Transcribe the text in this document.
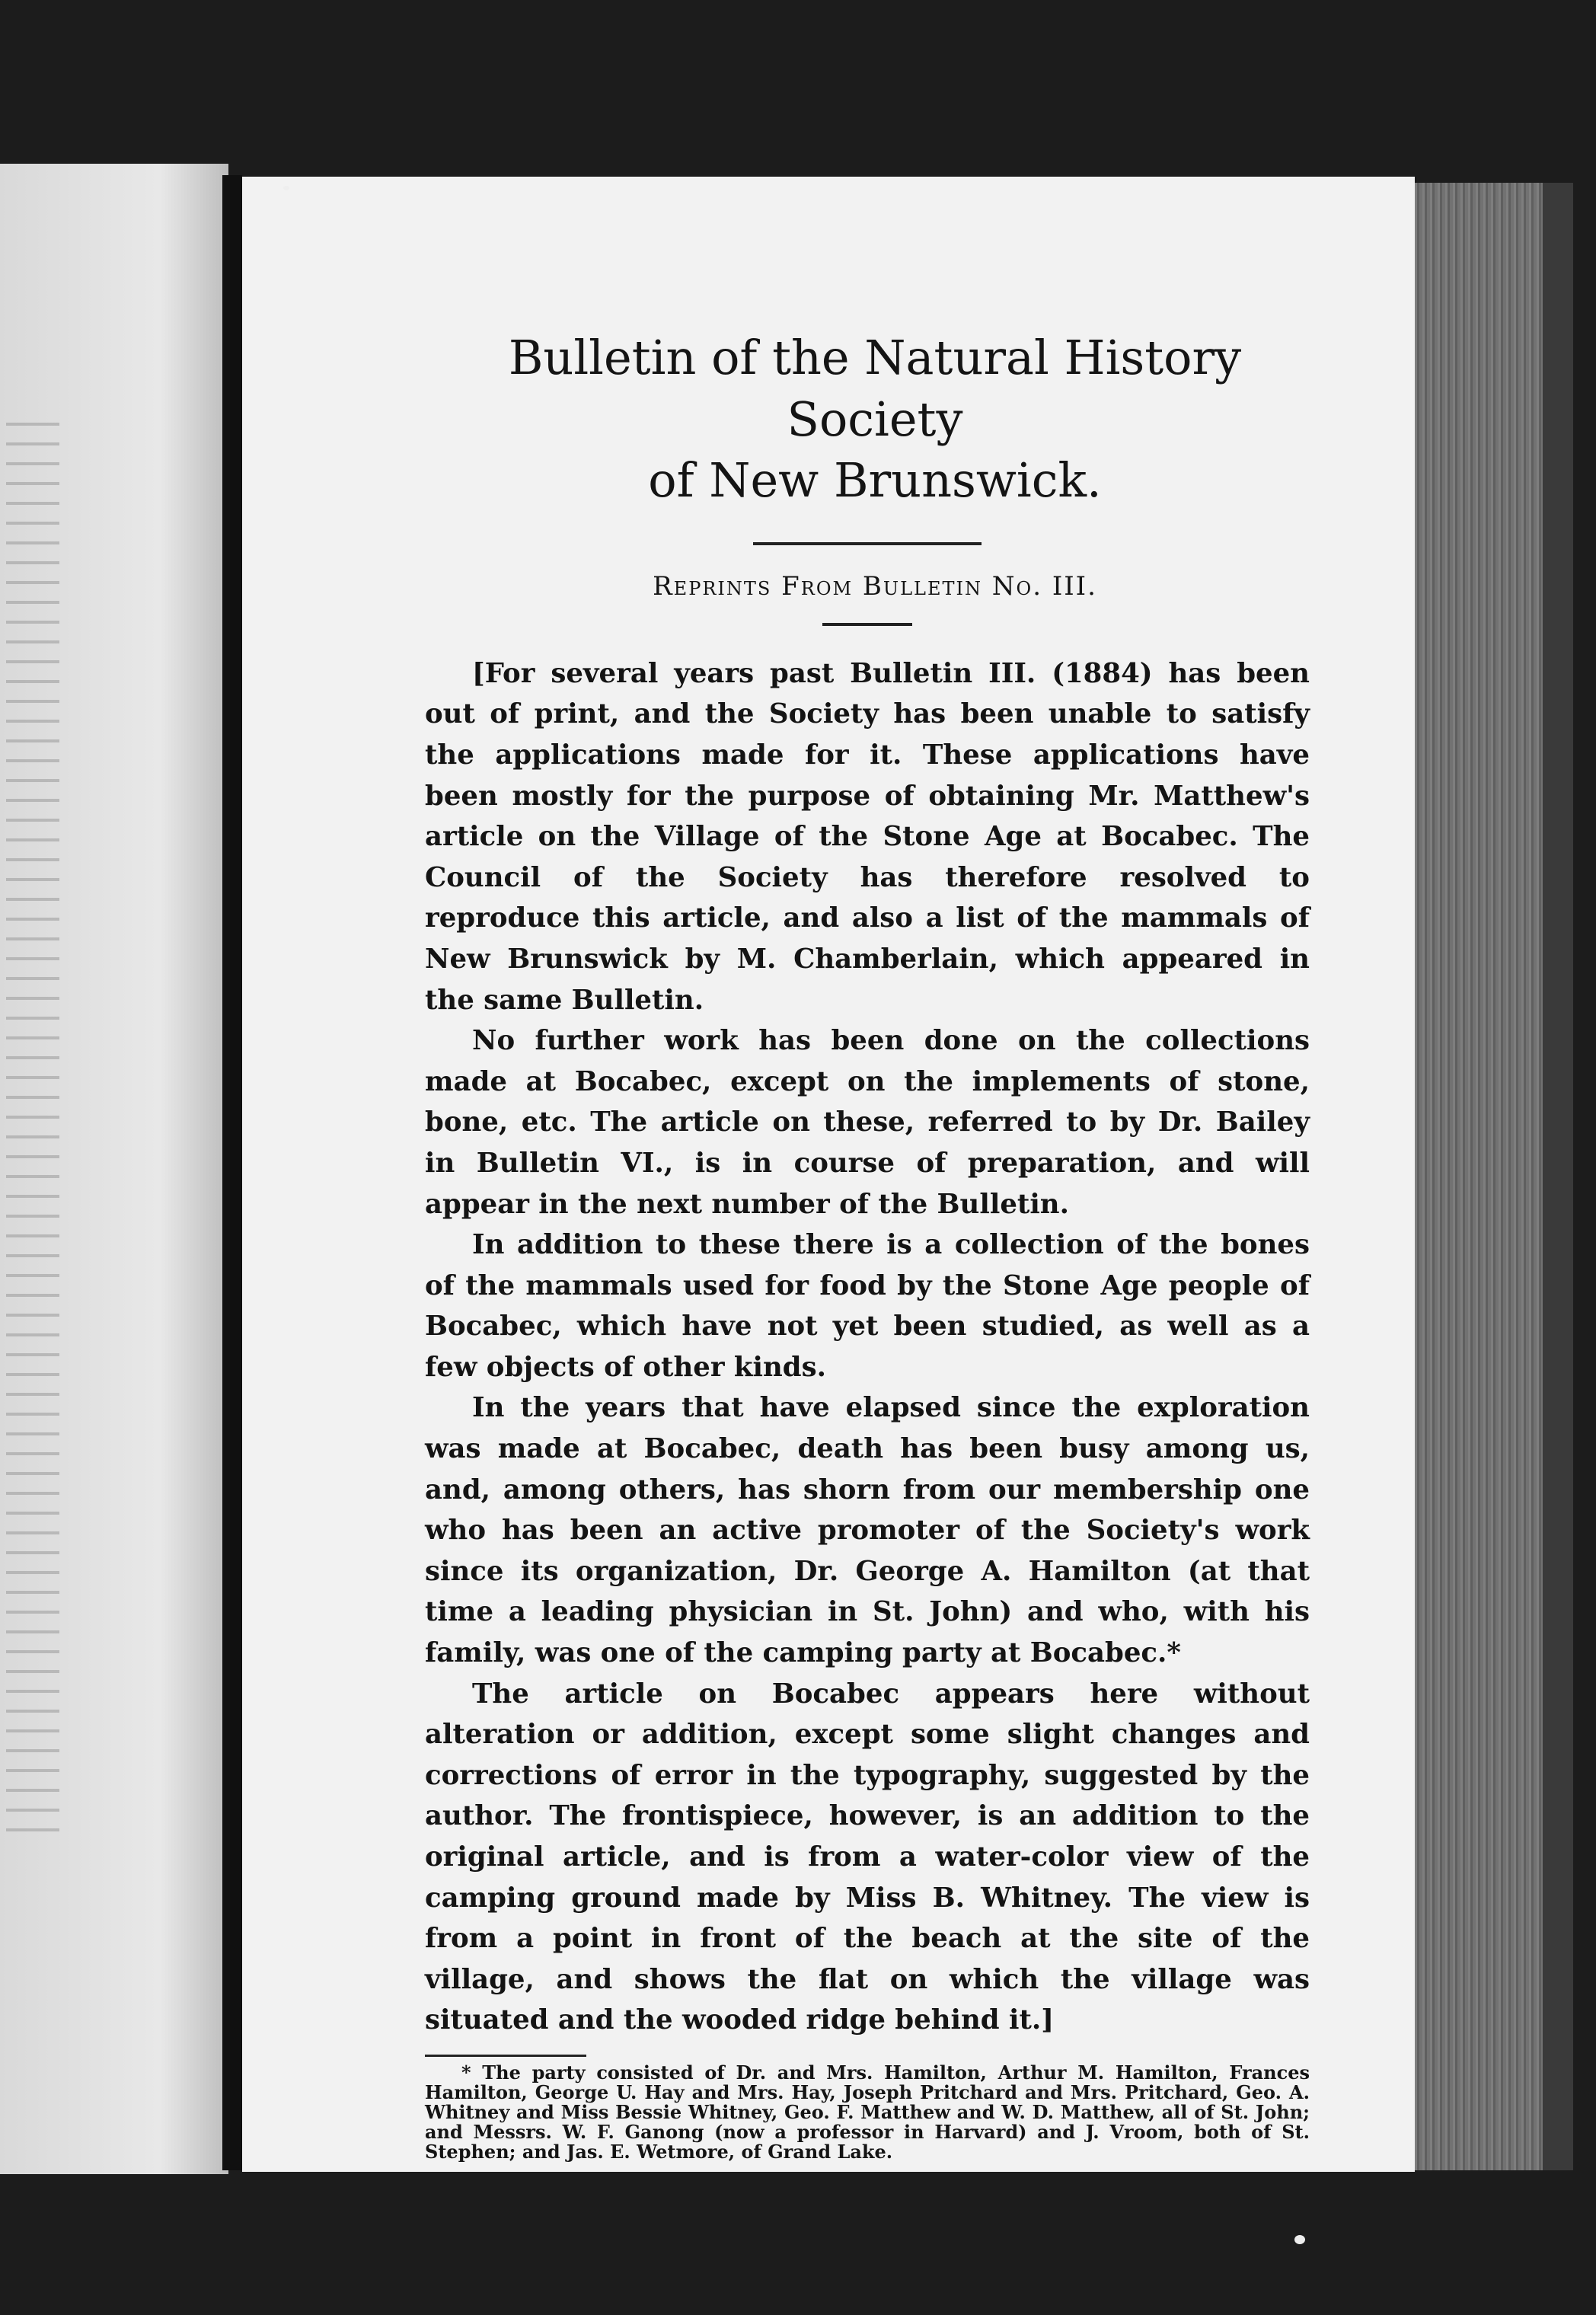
Bulletin of the Natural History Society
of New Brunswick.
Reprints From Bulletin No. III.

[For several years past Bulletin III. (1884) has been out of print, and the Society has been unable to satisfy the applications made for it. These applications have been mostly for the purpose of obtaining Mr. Matthew's article on the Village of the Stone Age at Bocabec. The Council of the Society has therefore resolved to reproduce this article, and also a list of the mammals of New Brunswick by M. Chamberlain, which appeared in the same Bulletin.

No further work has been done on the collections made at Bocabec, except on the implements of stone, bone, etc. The article on these, referred to by Dr. Bailey in Bulletin VI., is in course of preparation, and will appear in the next number of the Bulletin.

In addition to these there is a collection of the bones of the mammals used for food by the Stone Age people of Bocabec, which have not yet been studied, as well as a few objects of other kinds.

In the years that have elapsed since the exploration was made at Bocabec, death has been busy among us, and, among others, has shorn from our membership one who has been an active promoter of the Society's work since its organization, Dr. George A. Hamilton (at that time a leading physician in St. John) and who, with his family, was one of the camping party at Bocabec.*

The article on Bocabec appears here without alteration or addition, except some slight changes and corrections of error in the typography, suggested by the author. The frontispiece, however, is an addition to the original article, and is from a water-color view of the camping ground made by Miss B. Whitney. The view is from a point in front of the beach at the site of the village, and shows the flat on which the village was situated and the wooded ridge behind it.]

* The party consisted of Dr. and Mrs. Hamilton, Arthur M. Hamilton, Frances Hamilton, George U. Hay and Mrs. Hay, Joseph Pritchard and Mrs. Pritchard, Geo. A. Whitney and Miss Bessie Whitney, Geo. F. Matthew and W. D. Matthew, all of St. John; and Messrs. W. F. Ganong (now a professor in Harvard) and J. Vroom, both of St. Stephen; and Jas. E. Wetmore, of Grand Lake.
